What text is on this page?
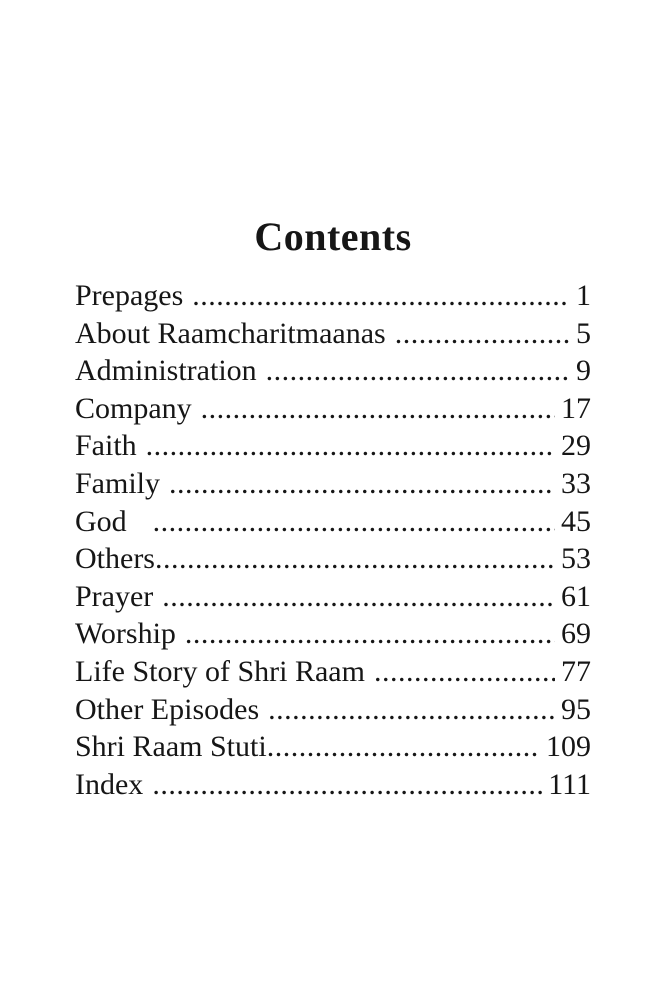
Contents
Prepages .....	1
About Raamcharitmaanas .....	5
Administration .....	9
Company .....	17
Faith .....	29
Family .....	33
God .....	45
Others .....	53
Prayer .....	61
Worship .....	69
Life Story of Shri Raam .....	77
Other Episodes .....	95
Shri Raam Stuti .....	109
Index .....	111
